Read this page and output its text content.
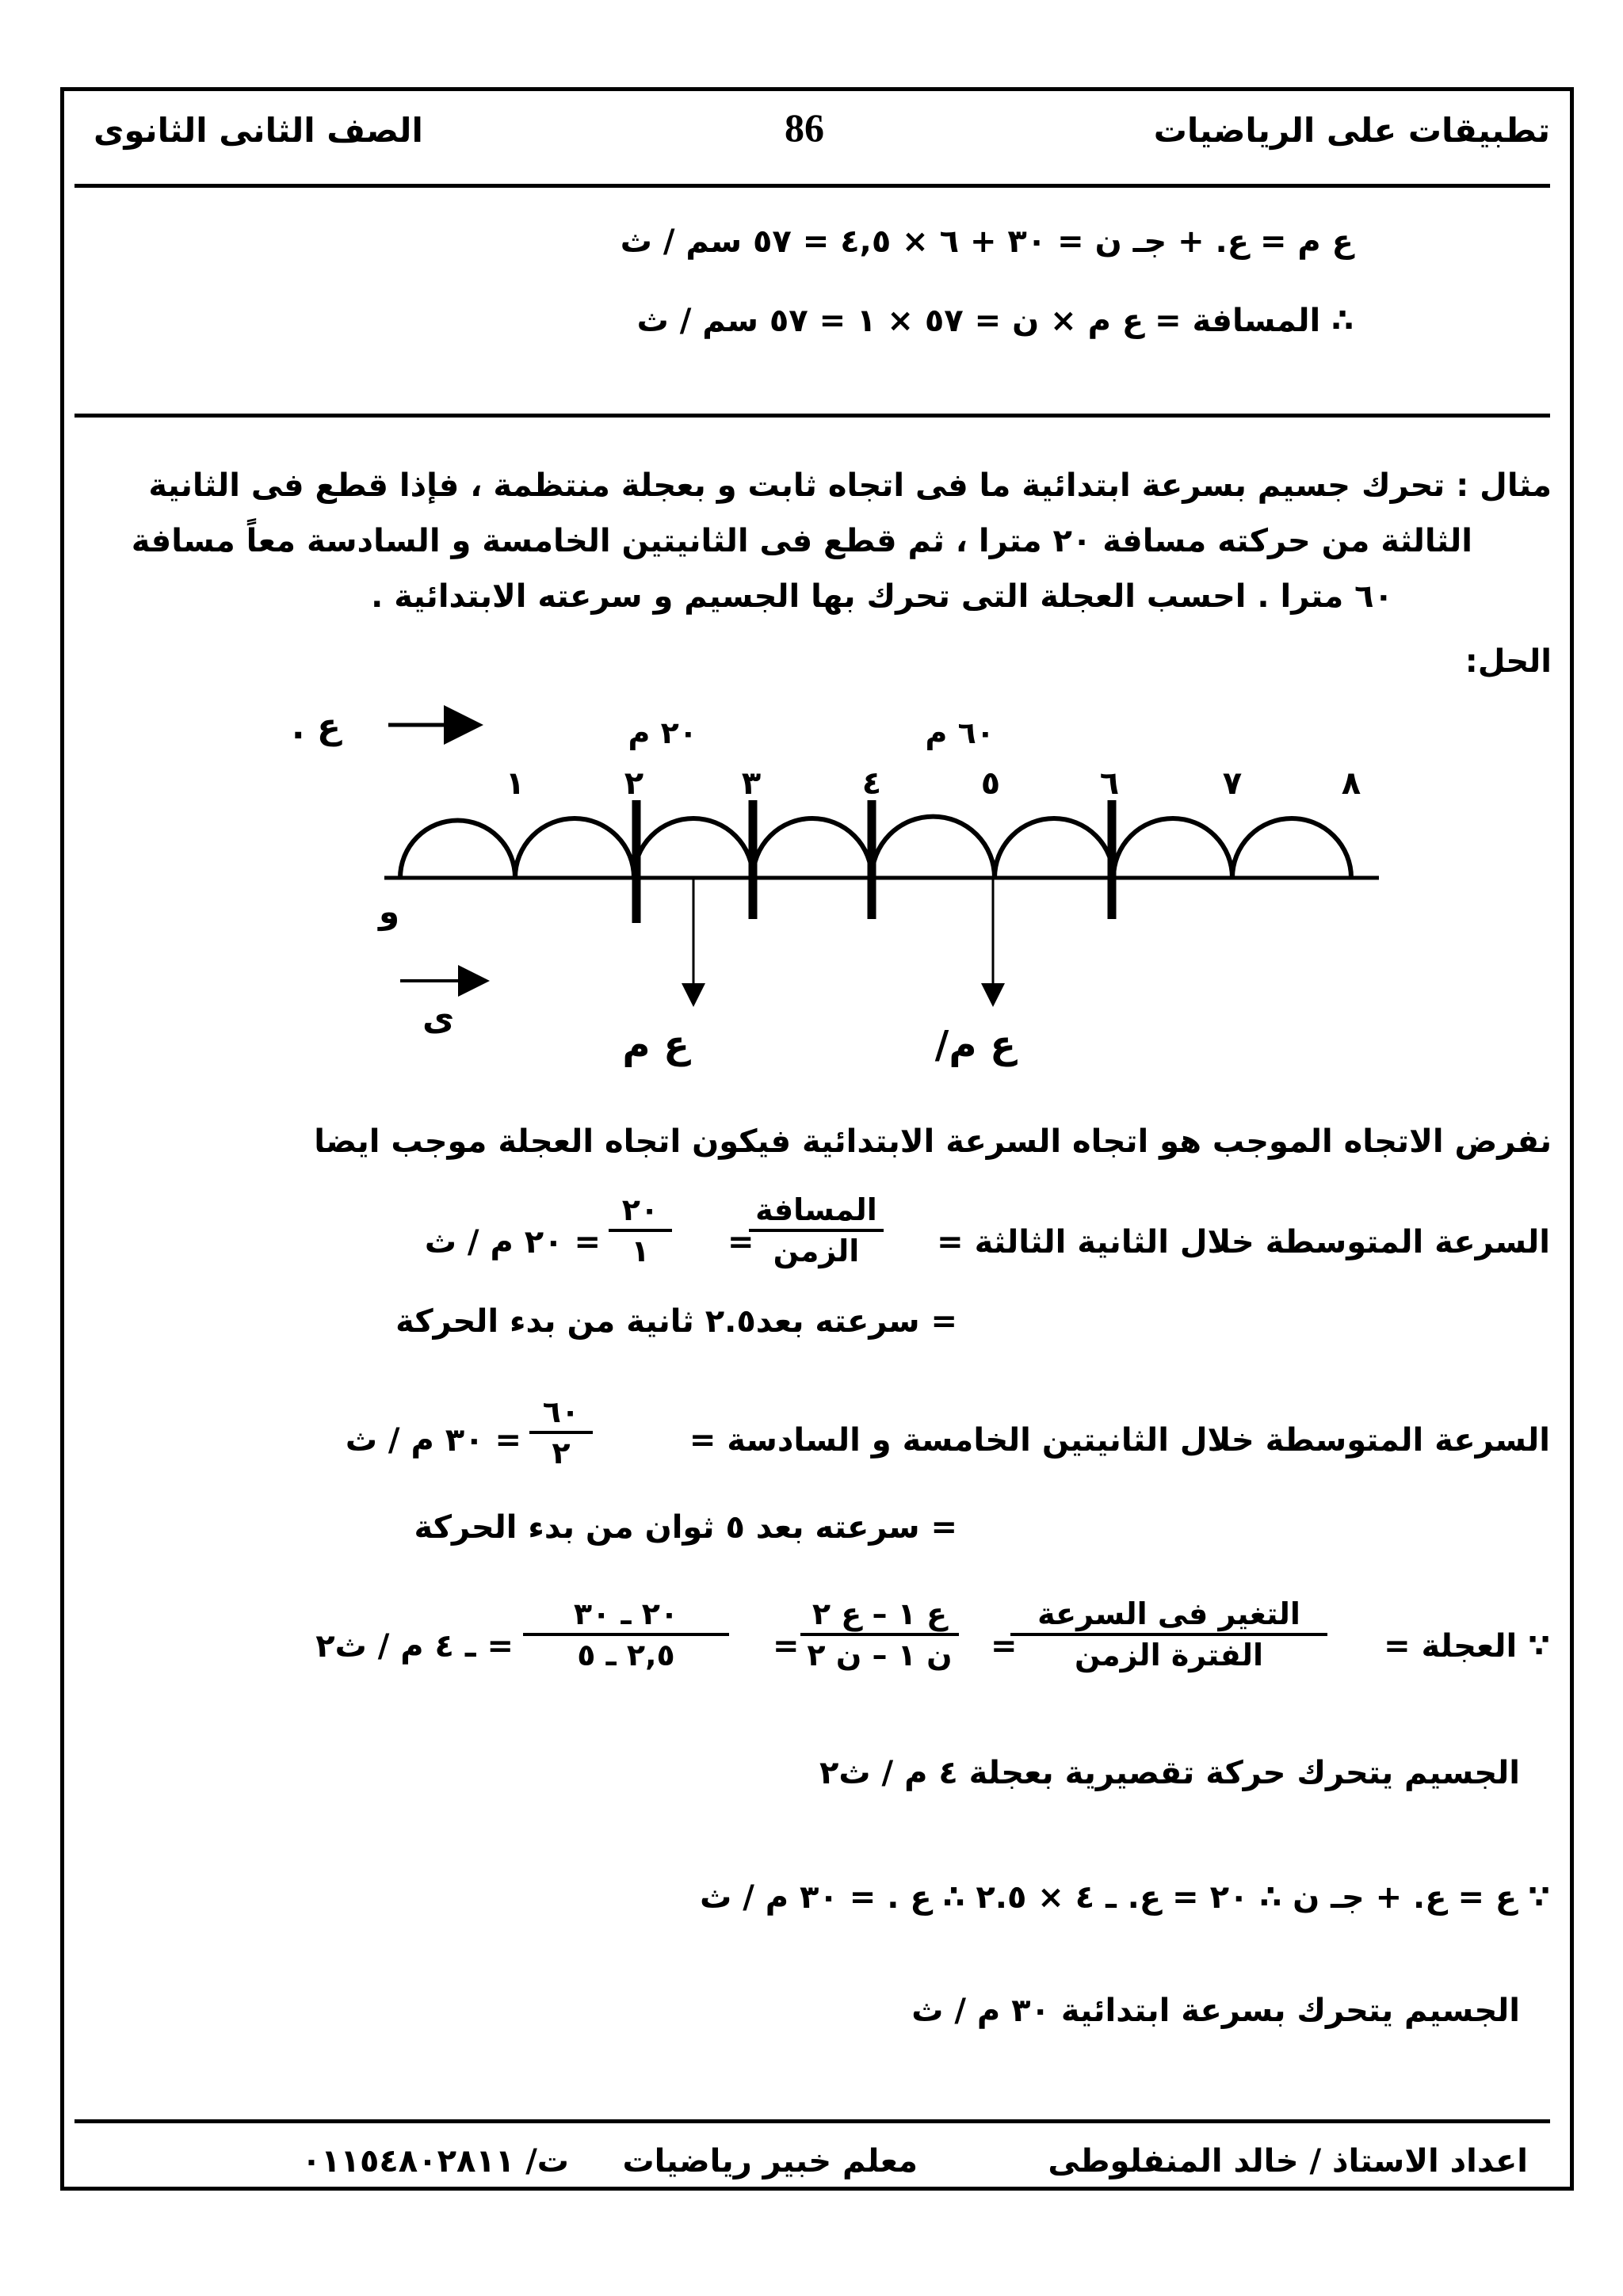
الصف الثانى الثانوى	86	تطبيقات على الرياضيات
ع م = ع. + جـ ن = ٣٠ + ٦ × ٤,٥ = ٥٧ سم / ث
∴ المسافة = ع م × ن = ٥٧ × ١ = ٥٧ سم / ث
مثال : تحرك جسيم بسرعة ابتدائية ما فى اتجاه ثابت و بعجلة منتظمة ، فإذا قطع فى الثانية
الثالثة من حركته مسافة ٢٠ مترا ، ثم قطع فى الثانيتين الخامسة و السادسة معاً مسافة
٦٠ مترا . احسب العجلة التى تحرك بها الجسيم و سرعته الابتدائية .
الحل:
ع .	٢٠ م	٦٠ م
١	٢	٣	٤	٥	٦	٧	٨
و
ى
ع م	ع م/
نفرض الاتجاه الموجب هو اتجاه السرعة الابتدائية فيكون اتجاه العجلة موجب ايضا
السرعة المتوسطة خلال الثانية الثالثة =
المسافة
الزمن
=
٢٠
١
= ٢٠ م / ث
= سرعته بعد٢.٥ ثانية من بدء الحركة
السرعة المتوسطة خلال الثانيتين الخامسة و السادسة =
٦٠
٢
= ٣٠ م / ث
= سرعته بعد ٥ ثوان من بدء الحركة
∵ العجلة =
التغير فى السرعة
الفترة الزمن
=
ع ١ – ع ٢
ن ١ – ن ٢
=
٢٠ ـ ٣٠
٢,٥ ـ ٥
= ـ ٤ م / ث٢
الجسيم يتحرك حركة تقصيرية بعجلة ٤ م / ث٢
∵ ع = ع. + جـ ن ∴ ٢٠ = ع. ـ ٤ × ٢.٥ ∴ ع . = ٣٠ م / ث
الجسيم يتحرك بسرعة ابتدائية ٣٠ م / ث
اعداد الاستاذ / خالد المنفلوطى
معلم خبير رياضيات
ت/ ٠١١٥٤٨٠٢٨١١
